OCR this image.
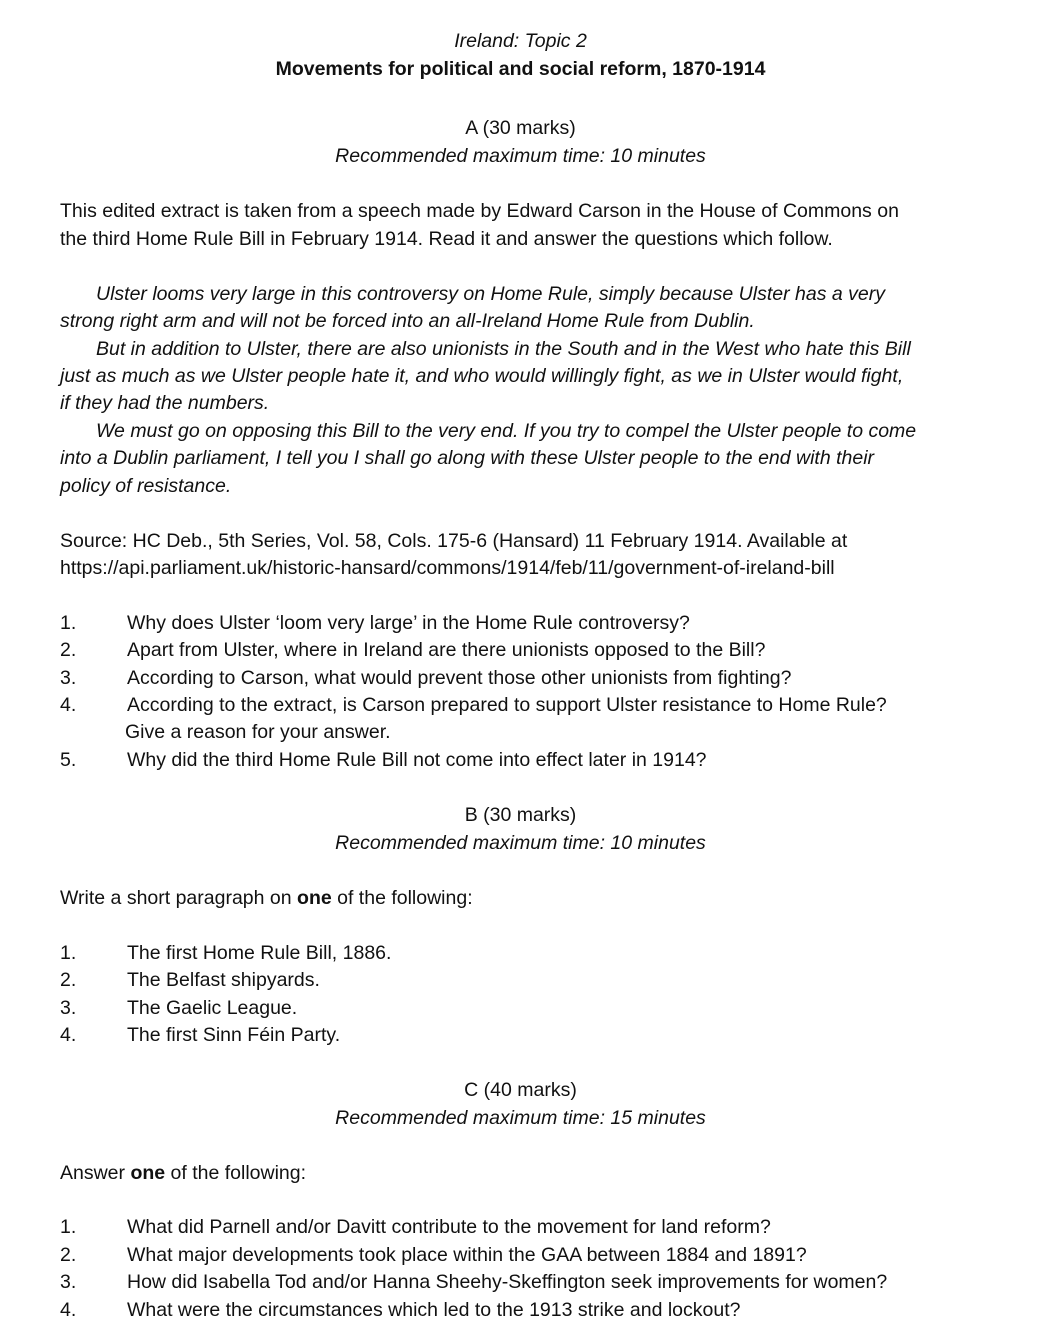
Ireland: Topic 2
Movements for political and social reform, 1870-1914
A (30 marks)
Recommended maximum time: 10 minutes
This edited extract is taken from a speech made by Edward Carson in the House of Commons on
the third Home Rule Bill in February 1914. Read it and answer the questions which follow.
Ulster looms very large in this controversy on Home Rule, simply because Ulster has a very
strong right arm and will not be forced into an all-Ireland Home Rule from Dublin.
But in addition to Ulster, there are also unionists in the South and in the West who hate this Bill
just as much as we Ulster people hate it, and who would willingly fight, as we in Ulster would fight,
if they had the numbers.
We must go on opposing this Bill to the very end. If you try to compel the Ulster people to come
into a Dublin parliament, I tell you I shall go along with these Ulster people to the end with their
policy of resistance.
Source: HC Deb., 5th Series, Vol. 58, Cols. 175-6 (Hansard) 11 February 1914. Available at
https://api.parliament.uk/historic-hansard/commons/1914/feb/11/government-of-ireland-bill
1.	Why does Ulster ‘loom very large’ in the Home Rule controversy?
2.	Apart from Ulster, where in Ireland are there unionists opposed to the Bill?
3.	According to Carson, what would prevent those other unionists from fighting?
4.	According to the extract, is Carson prepared to support Ulster resistance to Home Rule?
Give a reason for your answer.
5.	Why did the third Home Rule Bill not come into effect later in 1914?
B (30 marks)
Recommended maximum time: 10 minutes
Write a short paragraph on one of the following:
1.	The first Home Rule Bill, 1886.
2.	The Belfast shipyards.
3.	The Gaelic League.
4.	The first Sinn Féin Party.
C (40 marks)
Recommended maximum time: 15 minutes
Answer one of the following:
1.	What did Parnell and/or Davitt contribute to the movement for land reform?
2.	What major developments took place within the GAA between 1884 and 1891?
3.	How did Isabella Tod and/or Hanna Sheehy-Skeffington seek improvements for women?
4.	What were the circumstances which led to the 1913 strike and lockout?
